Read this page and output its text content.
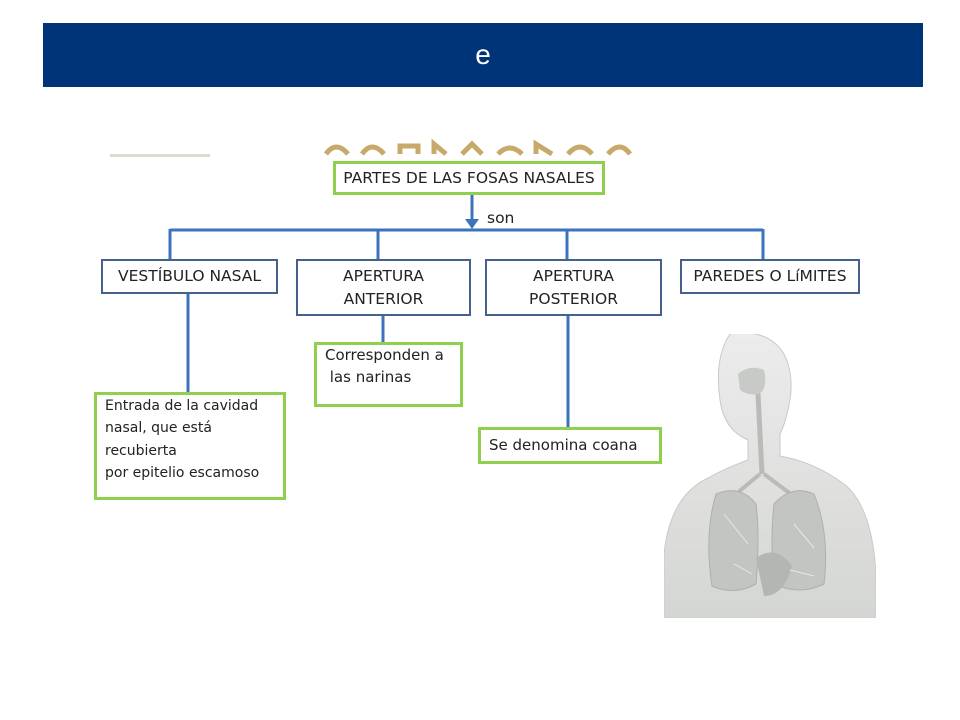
e
PARTES DE LAS FOSAS NASALES
son
VESTÍBULO NASAL	APERTURA
ANTERIOR
APERTURA
POSTERIOR
PAREDES O LíMITES
Entrada de la cavidad
nasal, que está
recubierta
por epitelio escamoso
Corresponden a
las narinas
Se denomina coana
